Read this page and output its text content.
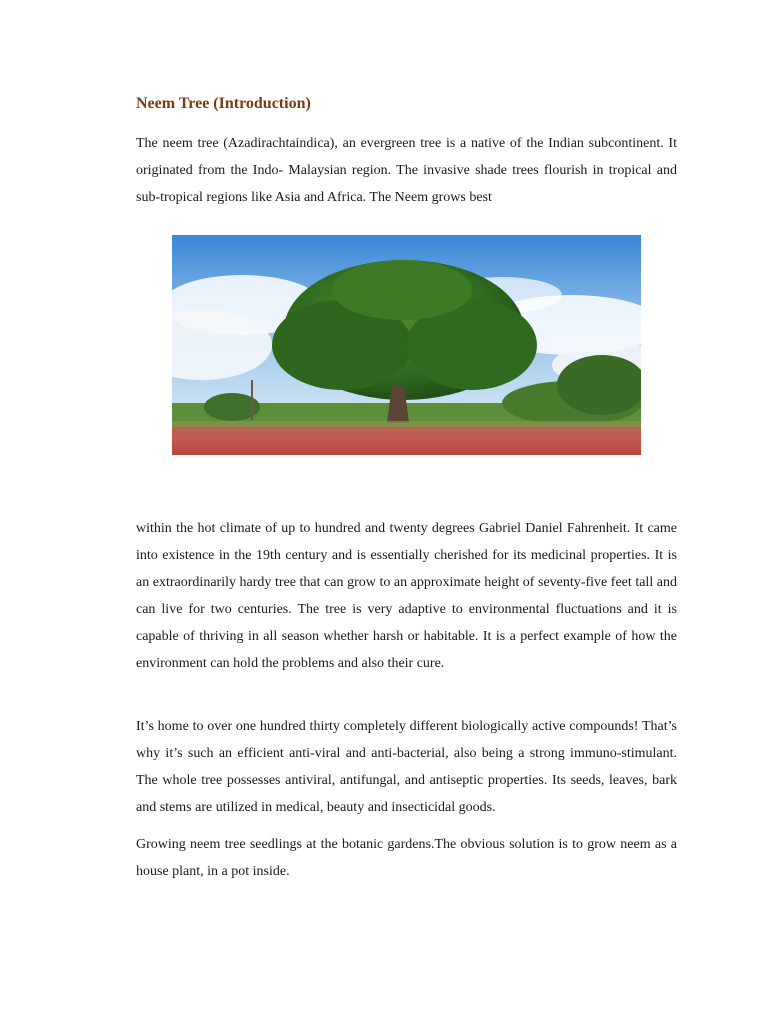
Neem Tree (Introduction)

The neem tree (Azadirachtaindica), an evergreen tree is a native of the Indian subcontinent. It originated from the Indo- Malaysian region. The invasive shade trees flourish in tropical and sub-tropical regions like Asia and Africa. The Neem grows best

within the hot climate of up to hundred and twenty degrees Gabriel Daniel Fahrenheit. It came into existence in the 19th century and is essentially cherished for its medicinal properties. It is an extraordinarily hardy tree that can grow to an approximate height of seventy-five feet tall and can live for two centuries. The tree is very adaptive to environmental fluctuations and it is capable of thriving in all season whether harsh or habitable. It is a perfect example of how the environment can hold the problems and also their cure.

It’s home to over one hundred thirty completely different biologically active compounds! That’s why it’s such an efficient anti-viral and anti-bacterial, also being a strong immuno-stimulant. The whole tree possesses antiviral, antifungal, and antiseptic properties. Its seeds, leaves, bark and stems are utilized in medical, beauty and insecticidal goods.

Growing neem tree seedlings at the botanic gardens.The obvious solution is to grow neem as a house plant, in a pot inside.
